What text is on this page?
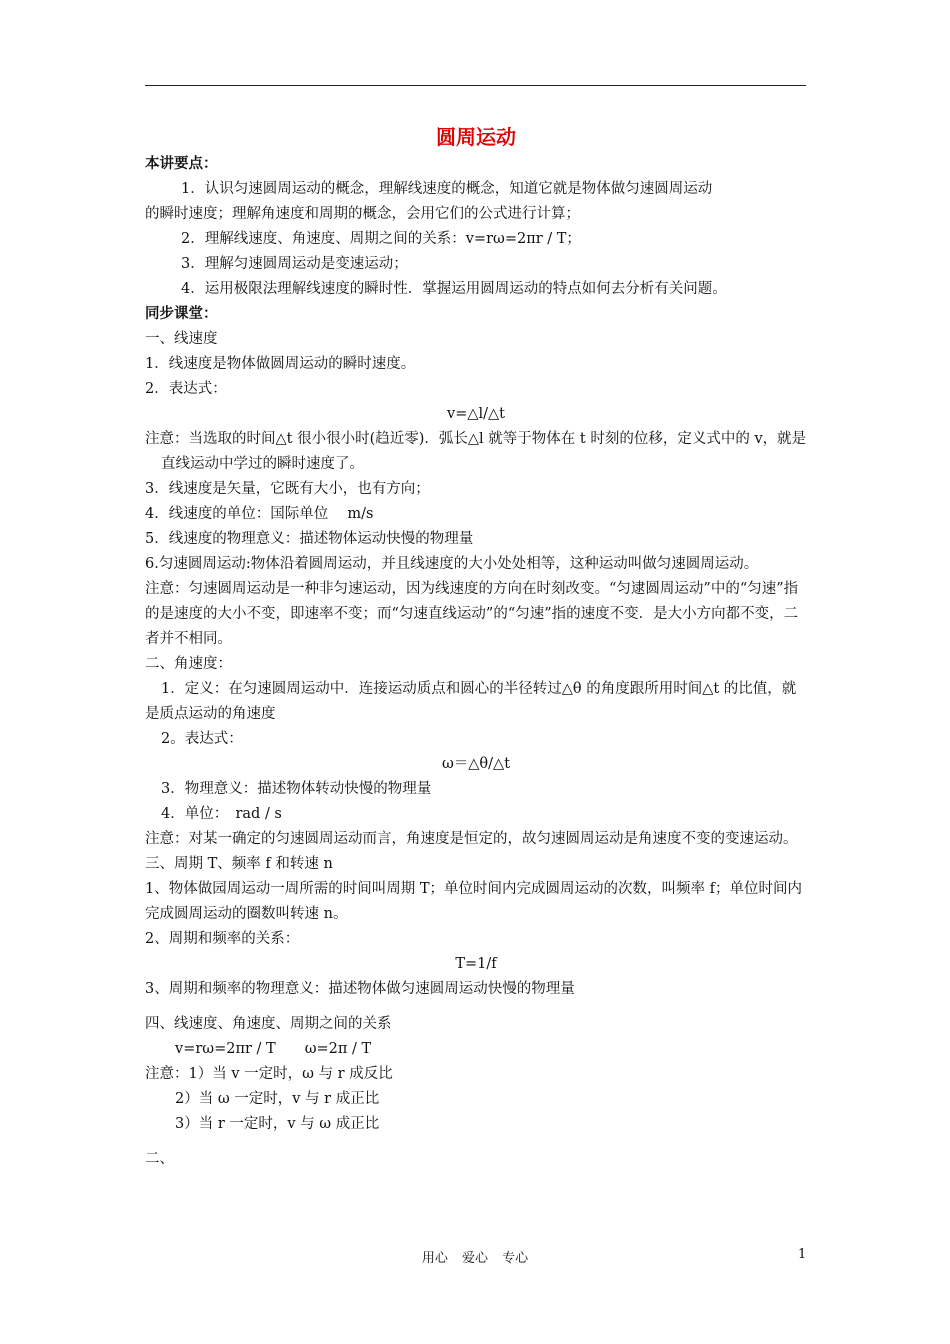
圆周运动
本讲要点：
1．认识匀速圆周运动的概念，理解线速度的概念，知道它就是物体做匀速圆周运动
的瞬时速度；理解角速度和周期的概念，会用它们的公式进行计算；
2．理解线速度、角速度、周期之间的关系：v=rω=2πr / T；
3．理解匀速圆周运动是变速运动；
4．运用极限法理解线速度的瞬时性．掌握运用圆周运动的特点如何去分析有关问题。
同步课堂：
一、线速度
1．线速度是物体做圆周运动的瞬时速度。
2．表达式：
v=△l/△t
注意：当选取的时间△t 很小很小时(趋近零)．弧长△l 就等于物体在 t 时刻的位移，定义式中的 v，就是直线运动中学过的瞬时速度了。
3．线速度是矢量，它既有大小，也有方向；
4．线速度的单位：国际单位　 m/s
5．线速度的物理意义：描述物体运动快慢的物理量
6.匀速圆周运动:物体沿着圆周运动，并且线速度的大小处处相等，这种运动叫做匀速圆周运动。
注意：匀速圆周运动是一种非匀速运动，因为线速度的方向在时刻改变。“匀逮圆周运动”中的“匀速”指的是速度的大小不变，即速率不变；而“匀速直线运动”的“匀速”指的速度不变．是大小方向都不变，二者并不相同。
二、角速度：
1．定义：在匀速圆周运动中．连接运动质点和圆心的半径转过△θ 的角度跟所用时间△t 的比值，就是质点运动的角速度
2。表达式：
ω＝△θ/△t
3．物理意义：描述物体转动快慢的物理量
4．单位：　rad / s
注意：对某一确定的匀速圆周运动而言，角速度是恒定的，故匀速圆周运动是角速度不变的变速运动。
三、周期 T、频率 f 和转速 n
1、物体做园周运动一周所需的时间叫周期 T；单位时间内完成圆周运动的次数，叫频率 f；单位时间内完成圆周运动的圈数叫转速 n。
2、周期和频率的关系：
T=1/f
3、周期和频率的物理意义：描述物体做匀速圆周运动快慢的物理量
四、线速度、角速度、周期之间的关系
v=rω=2πr / T　　ω=2π / T
注意：1）当 v 一定时，ω 与 r 成反比
2）当 ω 一定时，v 与 r 成正比
3）当 r 一定时，v 与 ω 成正比
二、
用心 爱心 专心	1
